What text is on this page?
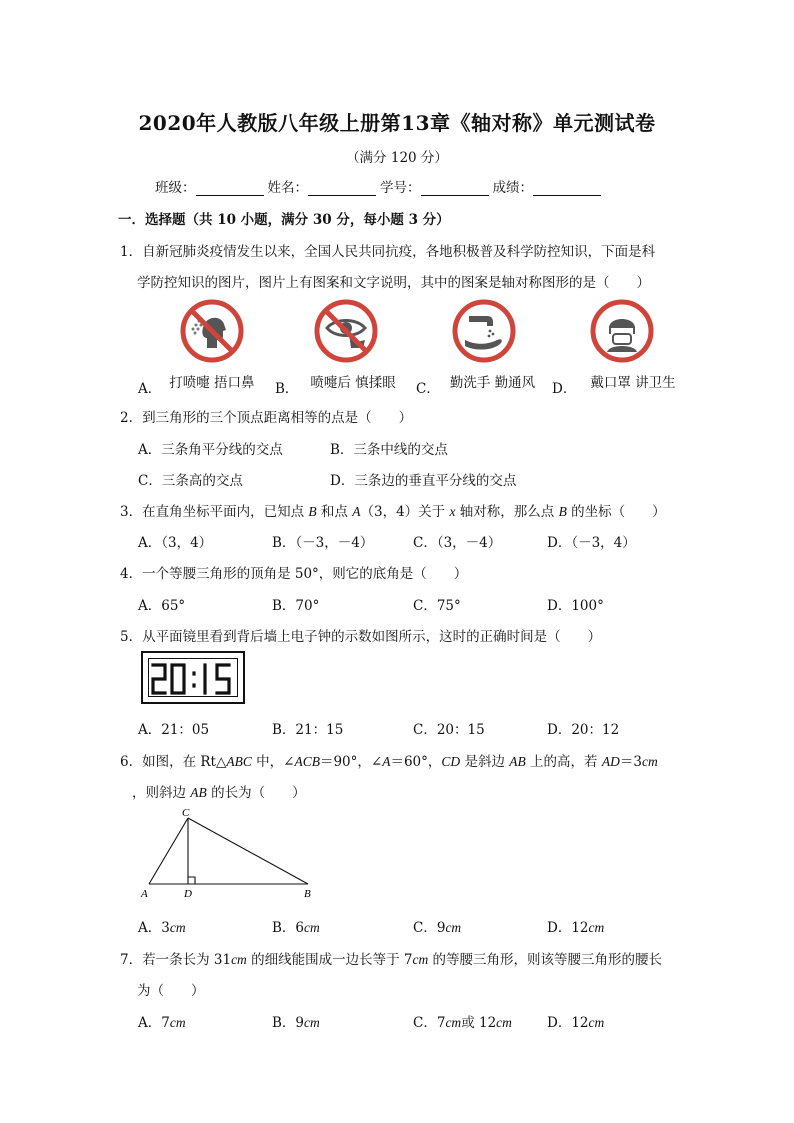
2020年人教版八年级上册第13章《轴对称》单元测试卷
（满分 120 分）
班级：	姓名：	学号：	成绩：
一．选择题（共 10 小题，满分 30 分，每小题 3 分）
1．自新冠肺炎疫情发生以来，全国人民共同抗疫，各地积极普及科学防控知识，下面是科
学防控知识的图片，图片上有图案和文字说明，其中的图案是轴对称图形的是（　　）
A． 打喷嚏 捂口鼻 B． 喷嚏后 慎揉眼 C． 勤洗手 勤通风 D． 戴口罩 讲卫生
2．到三角形的三个顶点距离相等的点是（　　）
A．三条角平分线的交点	B．三条中线的交点
C．三条高的交点	D．三条边的垂直平分线的交点
3．在直角坐标平面内，已知点 B 和点 A（3，4）关于 x 轴对称，那么点 B 的坐标（　　）
A．（3，4）	B．（－3，－4）	C．（3，－4）	D．（－3，4）
4．一个等腰三角形的顶角是 50°，则它的底角是（　　）
A．65°	B．70°	C．75°	D．100°
5．从平面镜里看到背后墙上电子钟的示数如图所示，这时的正确时间是（　　）
A．21：05	B．21：15	C．20：15	D．20：12
6．如图，在 Rt△ABC 中，∠ACB＝90°，∠A＝60°，CD 是斜边 AB 上的高，若 AD＝3cm
，则斜边 AB 的长为（　　）
C
A	D	B
A．3cm	B．6cm	C．9cm	D．12cm
7．若一条长为 31cm 的细线能围成一边长等于 7cm 的等腰三角形，则该等腰三角形的腰长
为（　　）
A．7cm	B．9cm	C．7cm或 12cm	D．12cm
